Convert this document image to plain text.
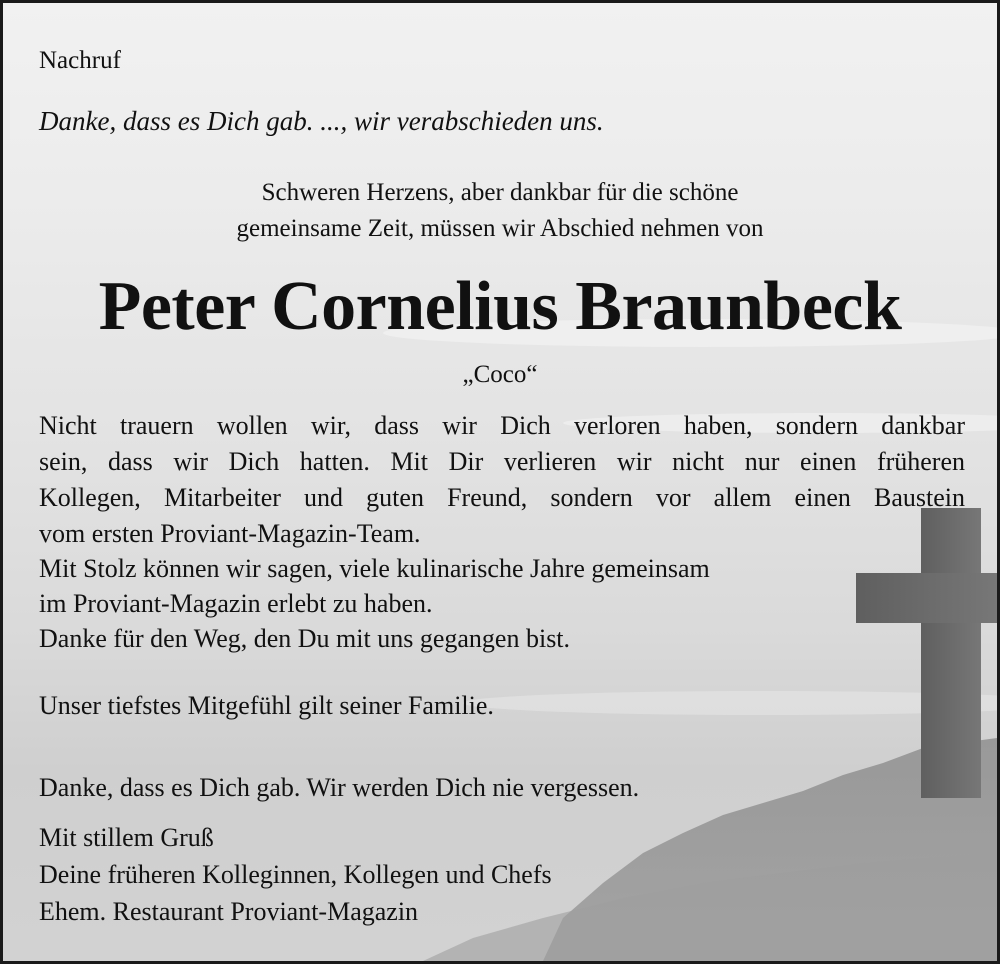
Nachruf
Danke, dass es Dich gab. ..., wir verabschieden uns.
Schweren Herzens, aber dankbar für die schöne
gemeinsame Zeit, müssen wir Abschied nehmen von
Peter Cornelius Braunbeck
„Coco“
Nicht trauern wollen wir, dass wir Dich verloren haben, sondern dankbar
sein, dass wir Dich hatten. Mit Dir verlieren wir nicht nur einen früheren
Kollegen, Mitarbeiter und guten Freund, sondern vor allem einen Baustein
vom ersten Proviant-Magazin-Team.
Mit Stolz können wir sagen, viele kulinarische Jahre gemeinsam
im Proviant-Magazin erlebt zu haben.
Danke für den Weg, den Du mit uns gegangen bist.
Unser tiefstes Mitgefühl gilt seiner Familie.
Danke, dass es Dich gab. Wir werden Dich nie vergessen.
Mit stillem Gruß
Deine früheren Kolleginnen, Kollegen und Chefs
Ehem. Restaurant Proviant-Magazin
